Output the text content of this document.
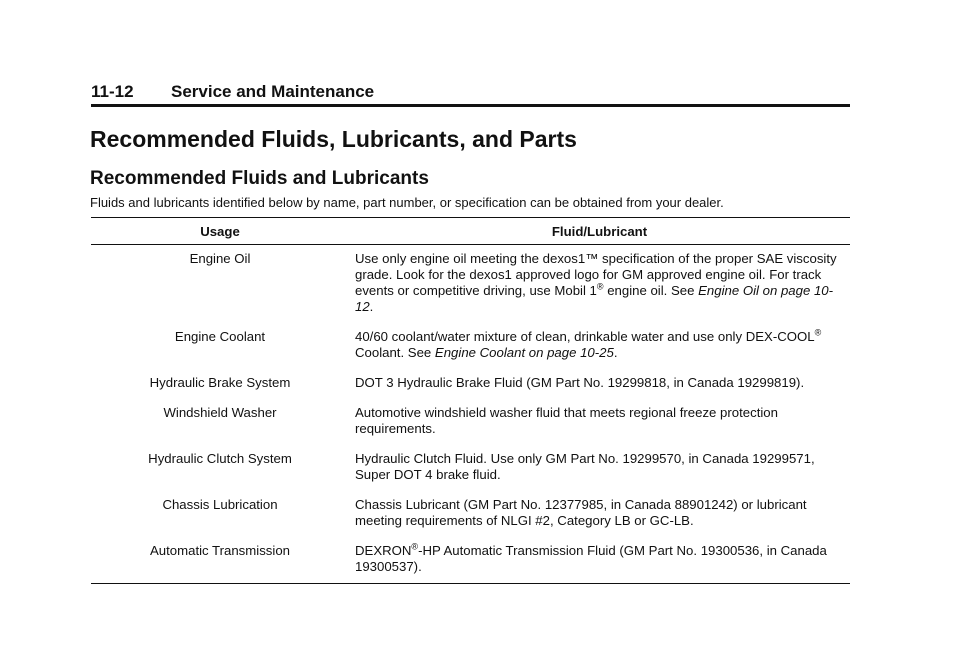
11-12 Service and Maintenance
Recommended Fluids, Lubricants, and Parts
Recommended Fluids and Lubricants
Fluids and lubricants identified below by name, part number, or specification can be obtained from your dealer.
Usage	Fluid/Lubricant
Engine Oil	Use only engine oil meeting the dexos1™ specification of the proper SAE viscosity grade. Look for the dexos1 approved logo for GM approved engine oil. For track events or competitive driving, use Mobil 1® engine oil. See Engine Oil on page 10-12.
Engine Coolant	40/60 coolant/water mixture of clean, drinkable water and use only DEX-COOL® Coolant. See Engine Coolant on page 10-25.
Hydraulic Brake System	DOT 3 Hydraulic Brake Fluid (GM Part No. 19299818, in Canada 19299819).
Windshield Washer	Automotive windshield washer fluid that meets regional freeze protection requirements.
Hydraulic Clutch System	Hydraulic Clutch Fluid. Use only GM Part No. 19299570, in Canada 19299571, Super DOT 4 brake fluid.
Chassis Lubrication	Chassis Lubricant (GM Part No. 12377985, in Canada 88901242) or lubricant meeting requirements of NLGI #2, Category LB or GC-LB.
Automatic Transmission	DEXRON®-HP Automatic Transmission Fluid (GM Part No. 19300536, in Canada 19300537).
